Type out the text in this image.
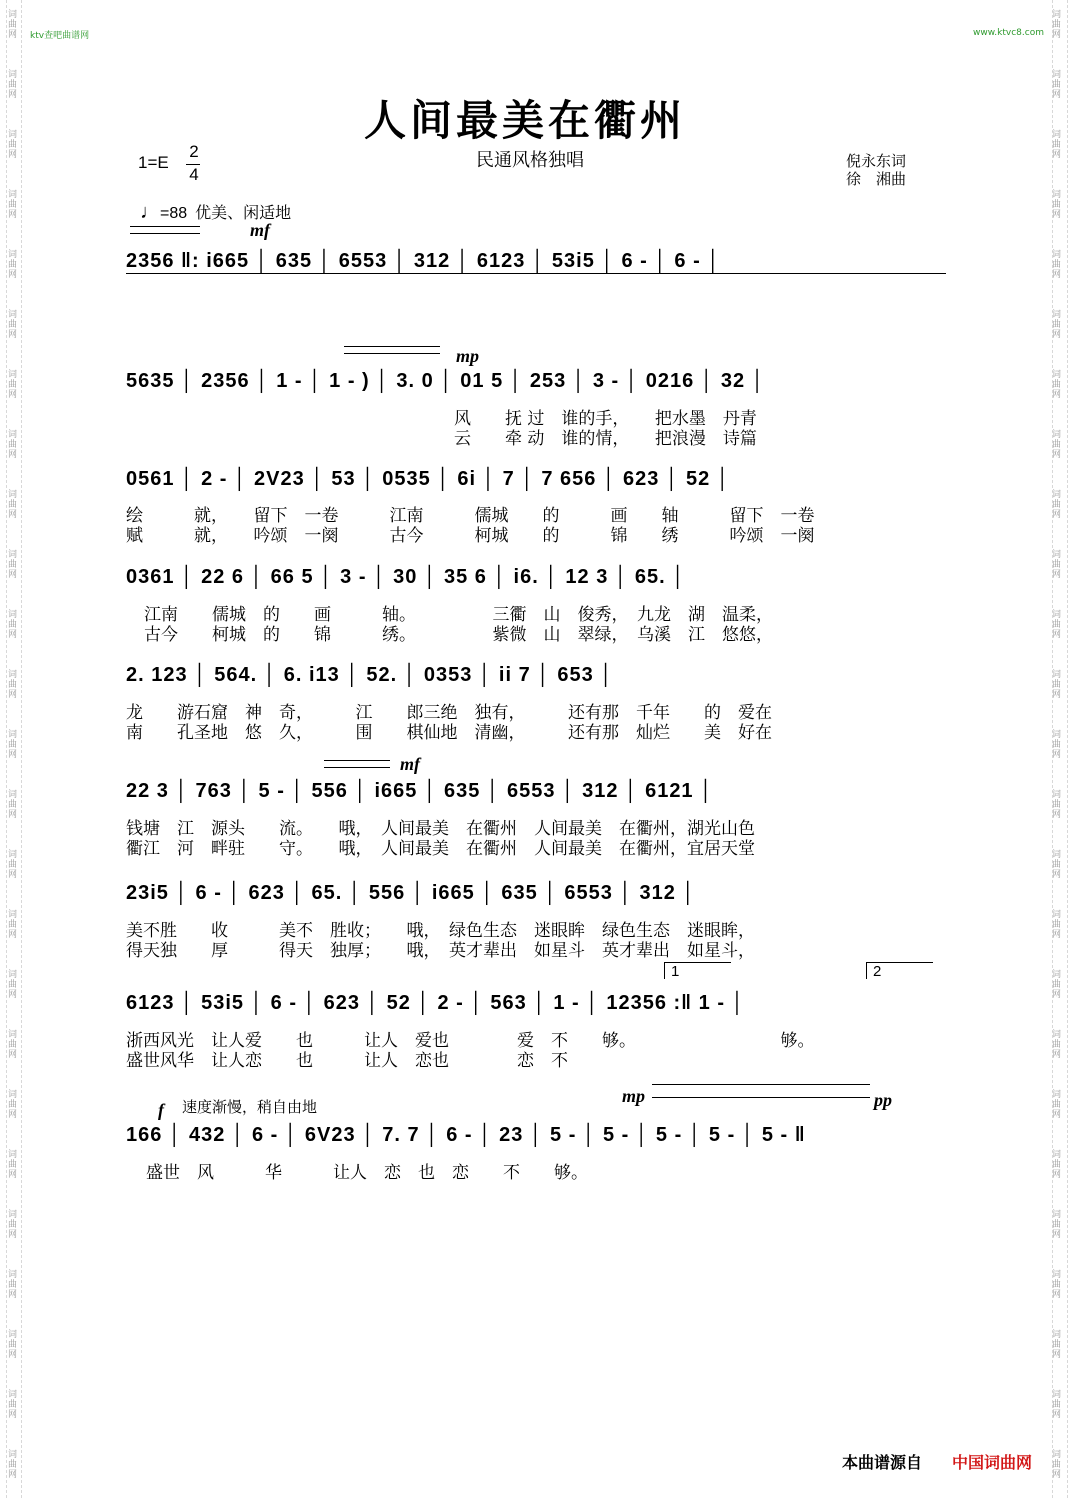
词
曲
网
词
曲
网
词
曲
网
词
曲
网
词
曲
网
词
曲
网
词
曲
网
词
曲
网
词
曲
网
词
曲
网
词
曲
网
词
曲
网
词
曲
网
词
曲
网
词
曲
网
词
曲
网
词
曲
网
词
曲
网
词
曲
网
词
曲
网
词
曲
网
词
曲
网
词
曲
网
词
曲
网
词
曲
网
词
曲
网
词
曲
网
词
曲
网
词
曲
网
词
曲
网
词
曲
网
词
曲
网
词
曲
网
词
曲
网
词
曲
网
词
曲
网
词
曲
网
词
曲
网
词
曲
网
词
曲
网
词
曲
网
词
曲
网
词
曲
网
词
曲
网
词
曲
网
词
曲
网
词
曲
网
词
曲
网
词
曲
网
词
曲
网
ktv查吧曲谱网	www.ktvc8.com
人间最美在衢州
民通风格独唱	倪永东词
徐　湘曲
1=E
2
4
♩=88 优美、闲适地
mf
mp
mf
f 速度渐慢，稍自由地
mp	pp
1	2
2356 ‖: i665 │ 635 │ 6553 │ 312 │ 6123 │ 53i5 │ 6 - │ 6 - │
5635 │ 2356 │ 1 - │ 1 - ) │ 3. 0 │ 01 5 │ 253 │ 3 - │ 0216 │ 32 │
风　　抚 过　谁的手，　　把水墨　丹青
云　　牵 动　谁的情，　　把浪漫　诗篇
0561 │ 2 - │ 2V23 │ 53 │ 0535 │ 6i │ 7 │ 7 656 │ 623 │ 52 │
绘　　　就，　　留下　一卷　　　江南　　　儒城　　的　　　画　　轴　　　留下　一卷
赋　　　就，　　吟颂　一阕　　　古今　　　柯城　　的　　　锦　　绣　　　吟颂　一阕
0361 │ 22 6 │ 66 5 │ 3 - │ 30 │ 35 6 │ i6. │ 12 3 │ 65. │
江南　　儒城　的　　画　　　轴。　　　　　三衢　山　俊秀，　九龙　湖　温柔，
古今　　柯城　的　　锦　　　绣。　　　　　紫微　山　翠绿，　乌溪　江　悠悠，
2. 123 │ 564. │ 6. i13 │ 52. │ 0353 │ ii 7 │ 653 │
龙　　游石窟　神　奇，　　　江　　郎三绝　独有，　　　还有那　千年　　的　爱在
南　　孔圣地　悠　久，　　　围　　棋仙地　清幽，　　　还有那　灿烂　　美　好在
22 3 │ 763 │ 5 - │ 556 │ i665 │ 635 │ 6553 │ 312 │ 6121 │
钱塘　江　源头　　流。　　哦，　人间最美　在衢州　人间最美　在衢州，湖光山色
衢江　河　畔驻　　守。　　哦，　人间最美　在衢州　人间最美　在衢州，宜居天堂
23i5 │ 6 - │ 623 │ 65. │ 556 │ i665 │ 635 │ 6553 │ 312 │
美不胜　　收　　　美不　胜收；　　哦，　绿色生态　迷眼眸　绿色生态　迷眼眸，
得天独　　厚　　　得天　独厚；　　哦，　英才辈出　如星斗　英才辈出　如星斗，
6123 │ 53i5 │ 6 - │ 623 │ 52 │ 2 - │ 563 │ 1 - │ 12356 :‖ 1 - │
浙西风光　让人爱　　也　　　让人　爱也　　　　爱　不　　够。　　　　　　　　　够。
盛世风华　让人恋　　也　　　让人　恋也　　　　恋　不
166 │ 432 │ 6 - │ 6V23 │ 7. 7 │ 6 - │ 23 │ 5 - │ 5 - │ 5 - │ 5 - │ 5 - ‖
盛世　风　　　华　　　让人　恋　也　恋　　不　　够。
本曲谱源自 中国词曲网
